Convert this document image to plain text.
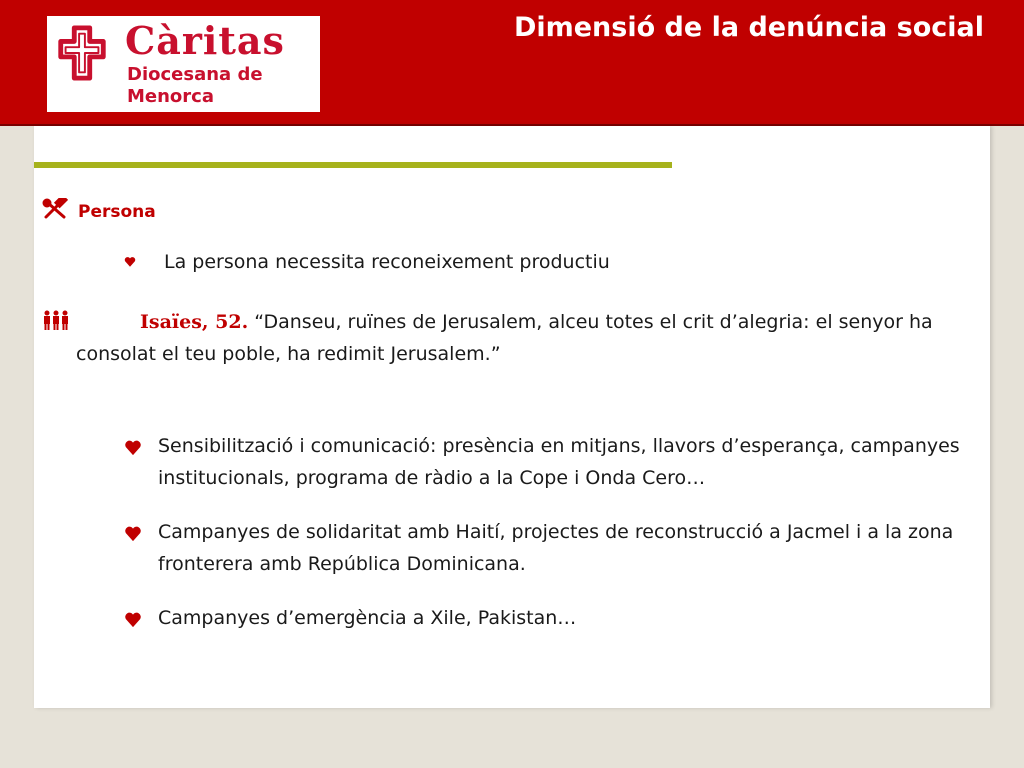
Càritas
Diocesana de
Menorca
Dimensió de la denúncia social
Persona
La persona necessita reconeixement productiu
Isaïes, 52. “Danseu, ruïnes de Jerusalem, alceu totes el crit d’alegria: el senyor ha consolat el teu poble, ha redimit Jerusalem.”
Sensibilització i comunicació: presència en mitjans, llavors d’esperança, campanyes institucionals, programa de ràdio a la Cope i Onda Cero…
Campanyes de solidaritat amb Haití, projectes de reconstrucció a Jacmel i a la zona fronterera amb República Dominicana.
Campanyes d’emergència a Xile, Pakistan…
